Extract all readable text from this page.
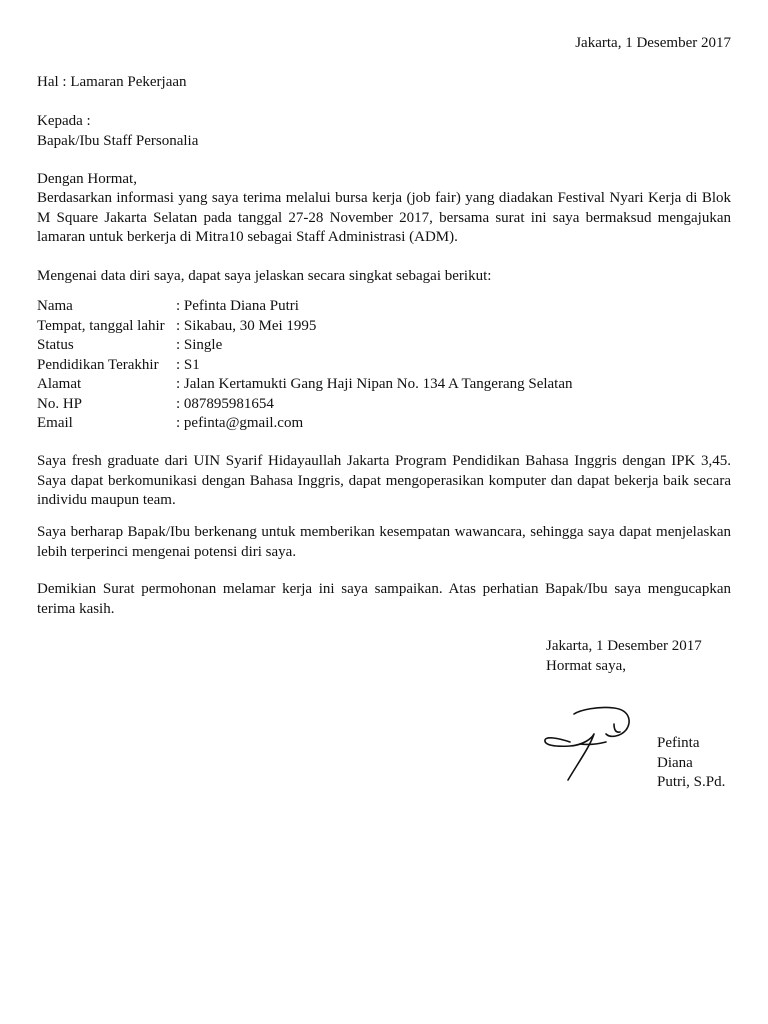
Jakarta, 1 Desember 2017
Hal : Lamaran Pekerjaan
Kepada :
Bapak/Ibu Staff Personalia
Dengan Hormat,

Berdasarkan informasi yang saya terima melalui bursa kerja (job fair) yang diadakan Festival Nyari Kerja di Blok M Square Jakarta Selatan pada tanggal 27-28 November 2017, bersama surat ini saya bermaksud mengajukan lamaran untuk berkerja di Mitra10 sebagai Staff Administrasi (ADM).

Mengenai data diri saya, dapat saya jelaskan secara singkat sebagai berikut:

Nama	: Pefinta Diana Putri
Tempat, tanggal lahir : Sikabau, 30 Mei 1995
Status	: Single
Pendidikan Terakhir	: S1
Alamat	: Jalan Kertamukti Gang Haji Nipan No. 134 A Tangerang Selatan
No. HP	: 087895981654
Email	: pefinta@gmail.com

Saya fresh graduate dari UIN Syarif Hidayaullah Jakarta Program Pendidikan Bahasa Inggris dengan IPK 3,45. Saya dapat berkomunikasi dengan Bahasa Inggris, dapat mengoperasikan komputer dan dapat bekerja baik secara individu maupun team.

Saya berharap Bapak/Ibu berkenang untuk memberikan kesempatan wawancara, sehingga saya dapat menjelaskan lebih terperinci mengenai potensi diri saya.

Demikian Surat permohonan melamar kerja ini saya sampaikan. Atas perhatian Bapak/Ibu saya mengucapkan terima kasih.

Jakarta, 1 Desember 2017
Hormat saya,
Pefinta
Diana
Putri, S.Pd.
